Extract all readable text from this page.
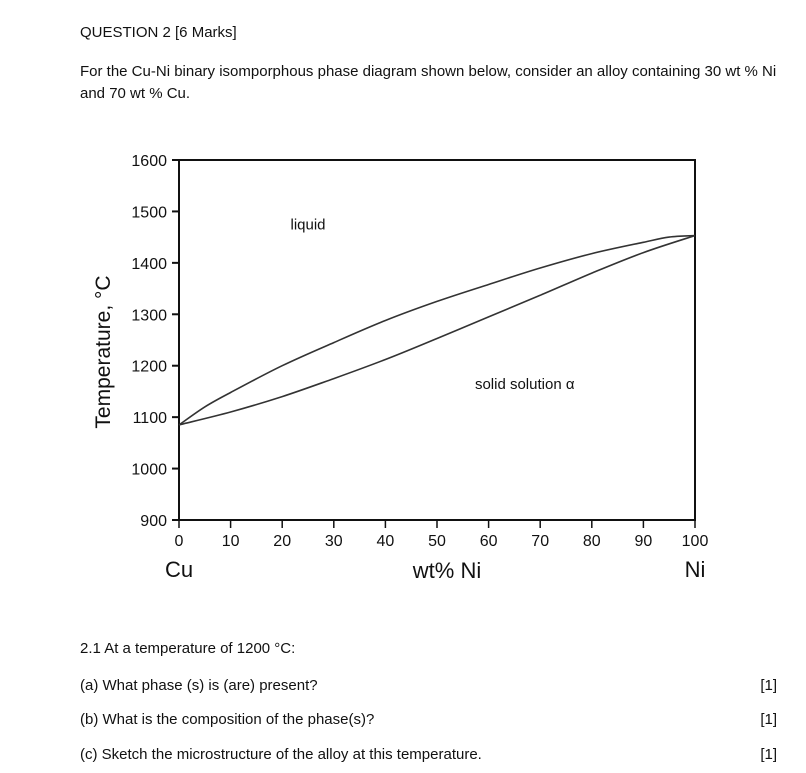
QUESTION 2 [6 Marks]
For the Cu-Ni binary isomporphous phase diagram shown below, consider an alloy containing 30 wt % Ni and 70 wt % Cu.
900
1000
1100
1200
1300
1400
1500
1600
0 10 20 30 40 50 60 70 80 90 100
Temperature, °C
wt% Ni
Cu	Ni
liquid
solid solution α
2.1 At a temperature of 1200 °C:
(a) What phase (s) is (are) present?	[1]
(b) What is the composition of the phase(s)?	[1]
(c) Sketch the microstructure of the alloy at this temperature.	[1]
